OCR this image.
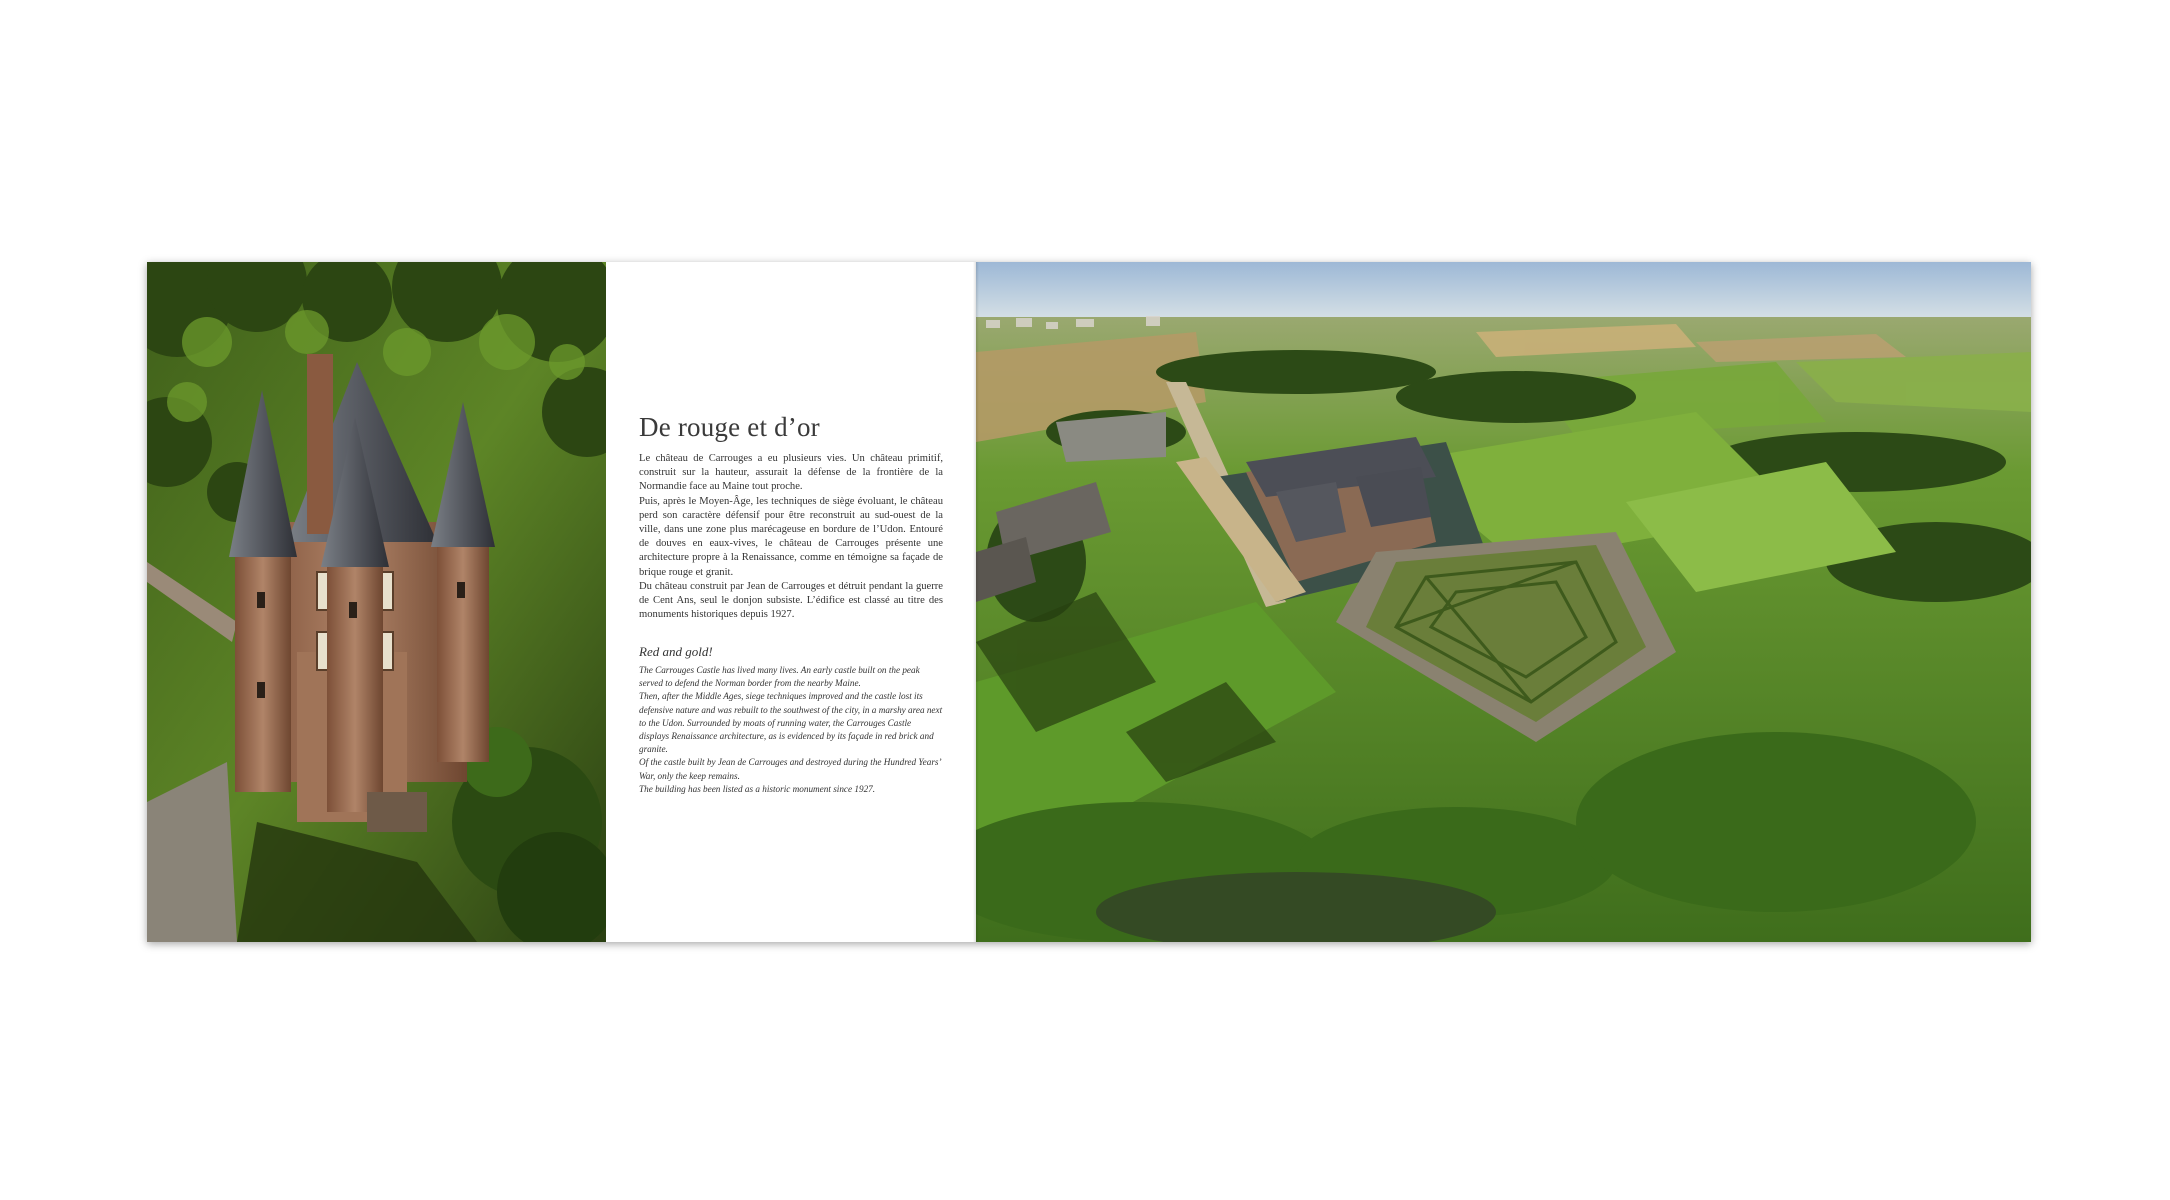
De rouge et d’or

Le château de Carrouges a eu plusieurs vies. Un château primitif, construit sur la hauteur, assurait la défense de la frontière de la Normandie face au Maine tout proche.

Puis, après le Moyen-Âge, les techniques de siège évoluant, le château perd son caractère défensif pour être reconstruit au sud-ouest de la ville, dans une zone plus marécageuse en bordure de l’Udon. Entouré de douves en eaux-vives, le château de Carrouges présente une architecture propre à la Renaissance, comme en témoigne sa façade de brique rouge et granit.

Du château construit par Jean de Carrouges et détruit pendant la guerre de Cent Ans, seul le donjon subsiste. L’édifice est classé au titre des monuments historiques depuis 1927.

Red and gold!

The Carrouges Castle has lived many lives. An early castle built on the peak served to defend the Norman border from the nearby Maine.

Then, after the Middle Ages, siege techniques improved and the castle lost its defensive nature and was rebuilt to the southwest of the city, in a marshy area next to the Udon. Surrounded by moats of running water, the Carrouges Castle displays Renaissance architecture, as is evidenced by its façade in red brick and granite.

Of the castle built by Jean de Carrouges and destroyed during the Hundred Years’ War, only the keep remains.

The building has been listed as a historic monument since 1927.
